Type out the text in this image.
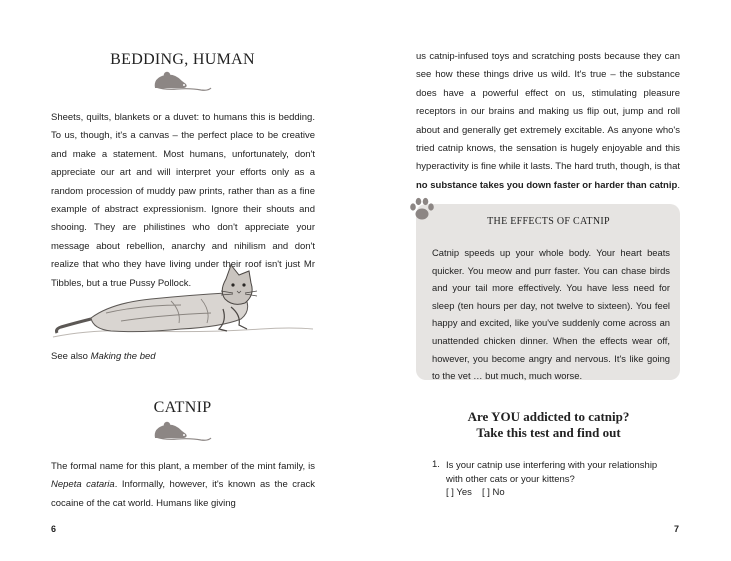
BEDDING, HUMAN

Sheets, quilts, blankets or a duvet: to humans this is bedding. To us, though, it's a canvas – the perfect place to be creative and make a statement. Most humans, unfortunately, don't appreciate our art and will interpret your efforts only as a random procession of muddy paw prints, rather than as a fine example of abstract expressionism. Ignore their shouts and shooing. They are philistines who don't appreciate your message about rebellion, anarchy and nihilism and don't realize that who they have living under their roof isn't just Mr Tibbles, but a true Pussy Pollock.

See also Making the bed

CATNIP

The formal name for this plant, a member of the mint family, is Nepeta cataria. Informally, however, it's known as the crack cocaine of the cat world. Humans like giving

6

us catnip-infused toys and scratching posts because they can see how these things drive us wild. It's true – the substance does have a powerful effect on us, stimulating pleasure receptors in our brains and making us flip out, jump and roll about and generally get extremely excitable. As anyone who's tried catnip knows, the sensation is hugely enjoyable and this hyperactivity is fine while it lasts. The hard truth, though, is that no substance takes you down faster or harder than catnip.

THE EFFECTS OF CATNIP

Catnip speeds up your whole body. Your heart beats quicker. You meow and purr faster. You can chase birds and your tail more effectively. You have less need for sleep (ten hours per day, not twelve to sixteen). You feel happy and excited, like you've suddenly come across an unattended chicken dinner. When the effects wear off, however, you become angry and nervous. It's like going to the vet … but much, much worse.

Are YOU addicted to catnip?

Take this test and find out

1. Is your catnip use interfering with your relationship with other cats or your kittens?

[ ] Yes [ ] No
7
